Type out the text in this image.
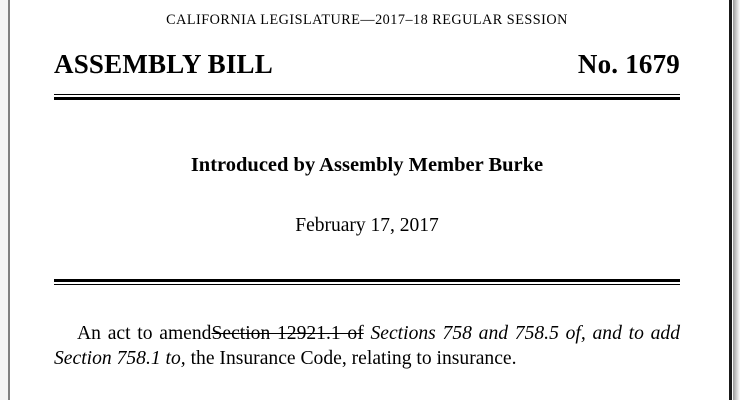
CALIFORNIA LEGISLATURE—2017–18 REGULAR SESSION
ASSEMBLY BILL	No. 1679
Introduced by Assembly Member Burke
February 17, 2017
An act to amendSection 12921.1 of Sections 758 and 758.5 of, and to add Section 758.1 to, the Insurance Code, relating to insurance.
